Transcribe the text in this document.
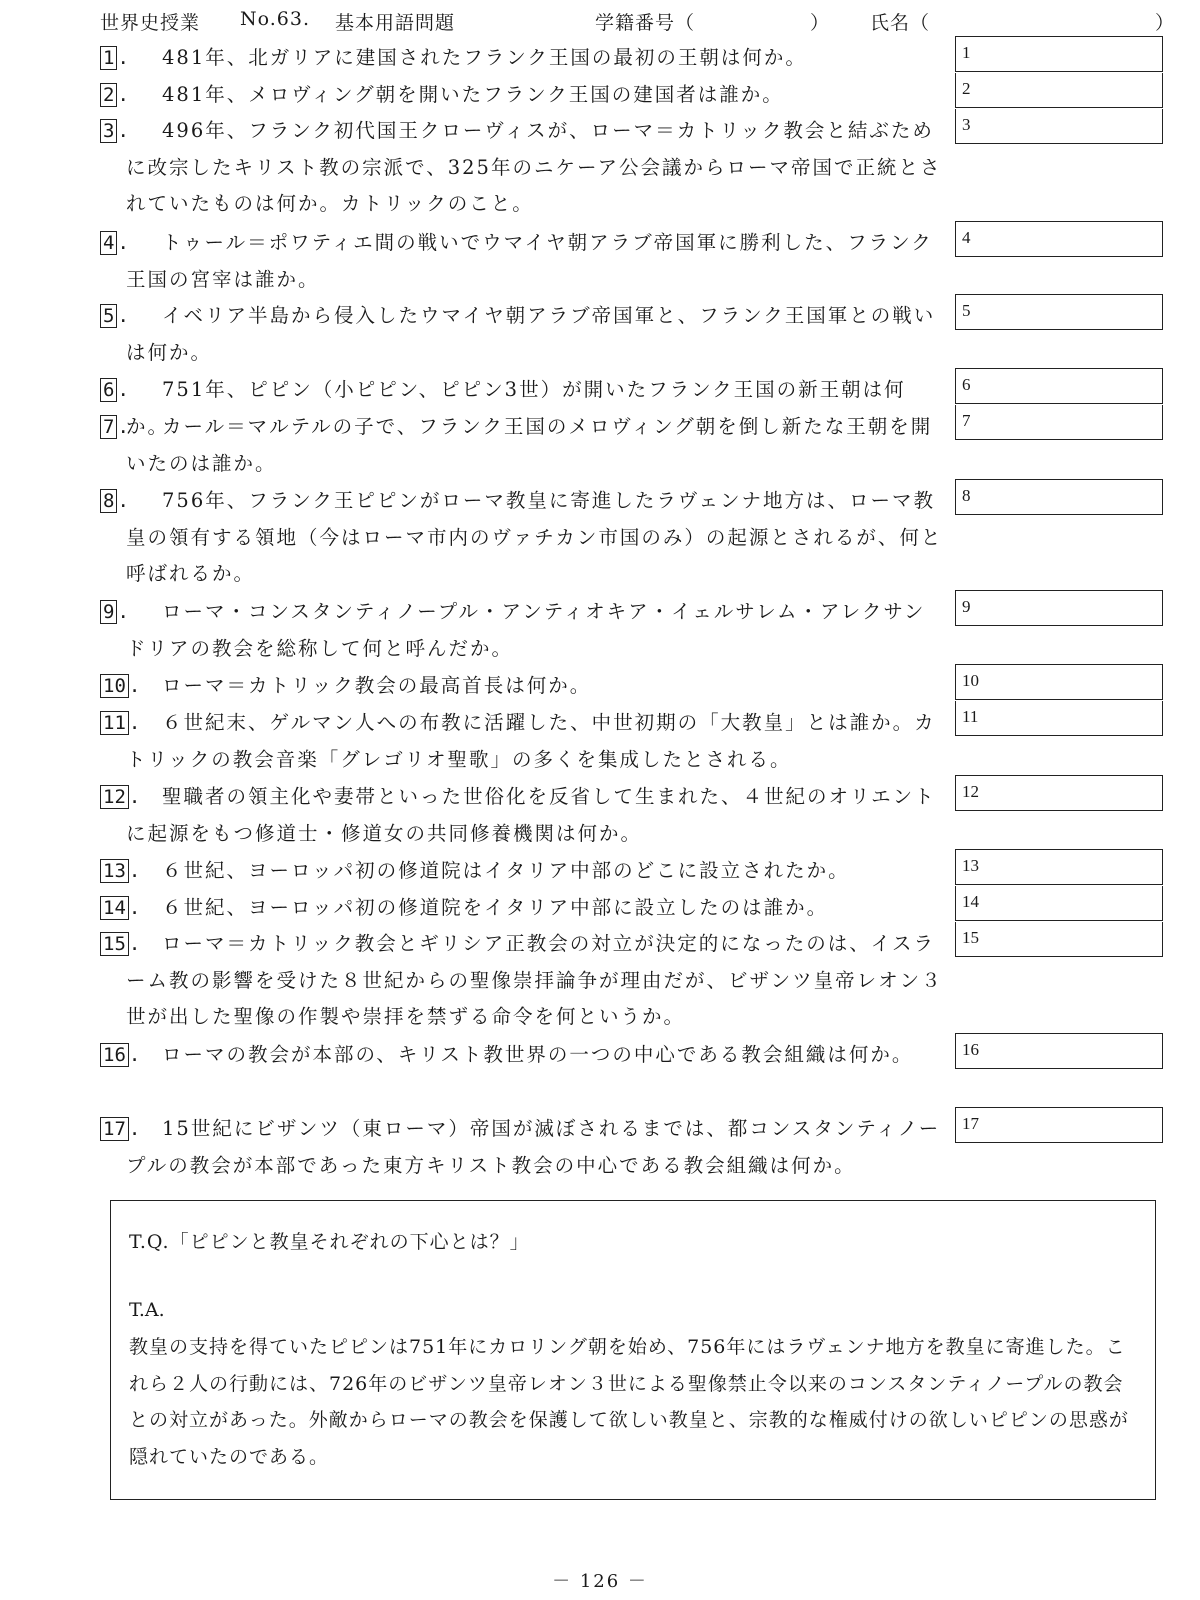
世界史授業 No.63. 基本用語問題	学籍番号（	） 氏名（	）
1 .	481年、北ガリアに建国されたフランク王国の最初の王朝は何か。	1
2 .	481年、メロヴィング朝を開いたフランク王国の建国者は誰か。	2
3 .	496年、フランク初代国王クローヴィスが、ローマ＝カトリック教会と結ぶために改宗したキリスト教の宗派で、325年のニケーア公会議からローマ帝国で正統とされていたものは何か。カトリックのこと。
3
4 .	トゥール＝ポワティエ間の戦いでウマイヤ朝アラブ帝国軍に勝利した、フランク王国の宮宰は誰か。
4
5 .	イベリア半島から侵入したウマイヤ朝アラブ帝国軍と、フランク王国軍との戦いは何か。
5
6 .	751年、ピピン（小ピピン、ピピン3世）が開いたフランク王国の新王朝は何か。
6
7 .	カール＝マルテルの子で、フランク王国のメロヴィング朝を倒し新たな王朝を開いたのは誰か。
7
8 .	756年、フランク王ピピンがローマ教皇に寄進したラヴェンナ地方は、ローマ教皇の領有する領地（今はローマ市内のヴァチカン市国のみ）の起源とされるが、何と呼ばれるか。
8
9 .	ローマ・コンスタンティノープル・アンティオキア・イェルサレム・アレクサンドリアの教会を総称して何と呼んだか。
9
10 .	ローマ＝カトリック教会の最高首長は何か。	10
11 .	６世紀末、ゲルマン人への布教に活躍した、中世初期の「大教皇」とは誰か。カトリックの教会音楽「グレゴリオ聖歌」の多くを集成したとされる。
11
12 .	聖職者の領主化や妻帯といった世俗化を反省して生まれた、４世紀のオリエントに起源をもつ修道士・修道女の共同修養機関は何か。
12
13 .	６世紀、ヨーロッパ初の修道院はイタリア中部のどこに設立されたか。	13
14 .	６世紀、ヨーロッパ初の修道院をイタリア中部に設立したのは誰か。	14
15 .	ローマ＝カトリック教会とギリシア正教会の対立が決定的になったのは、イスラーム教の影響を受けた８世紀からの聖像崇拝論争が理由だが、ビザンツ皇帝レオン３世が出した聖像の作製や崇拝を禁ずる命令を何というか。
15
16 .	ローマの教会が本部の、キリスト教世界の一つの中心である教会組織は何か。	16
17 .	15世紀にビザンツ（東ローマ）帝国が滅ぼされるまでは、都コンスタンティノープルの教会が本部であった東方キリスト教会の中心である教会組織は何か。
17
T.Q.「ピピンと教皇それぞれの下心とは？」
T.A.
教皇の支持を得ていたピピンは751年にカロリング朝を始め、756年にはラヴェンナ地方を教皇に寄進した。これら２人の行動には、726年のビザンツ皇帝レオン３世による聖像禁止令以来のコンスタンティノープルの教会との対立があった。外敵からローマの教会を保護して欲しい教皇と、宗教的な権威付けの欲しいピピンの思惑が隠れていたのである。
－ 126 －
